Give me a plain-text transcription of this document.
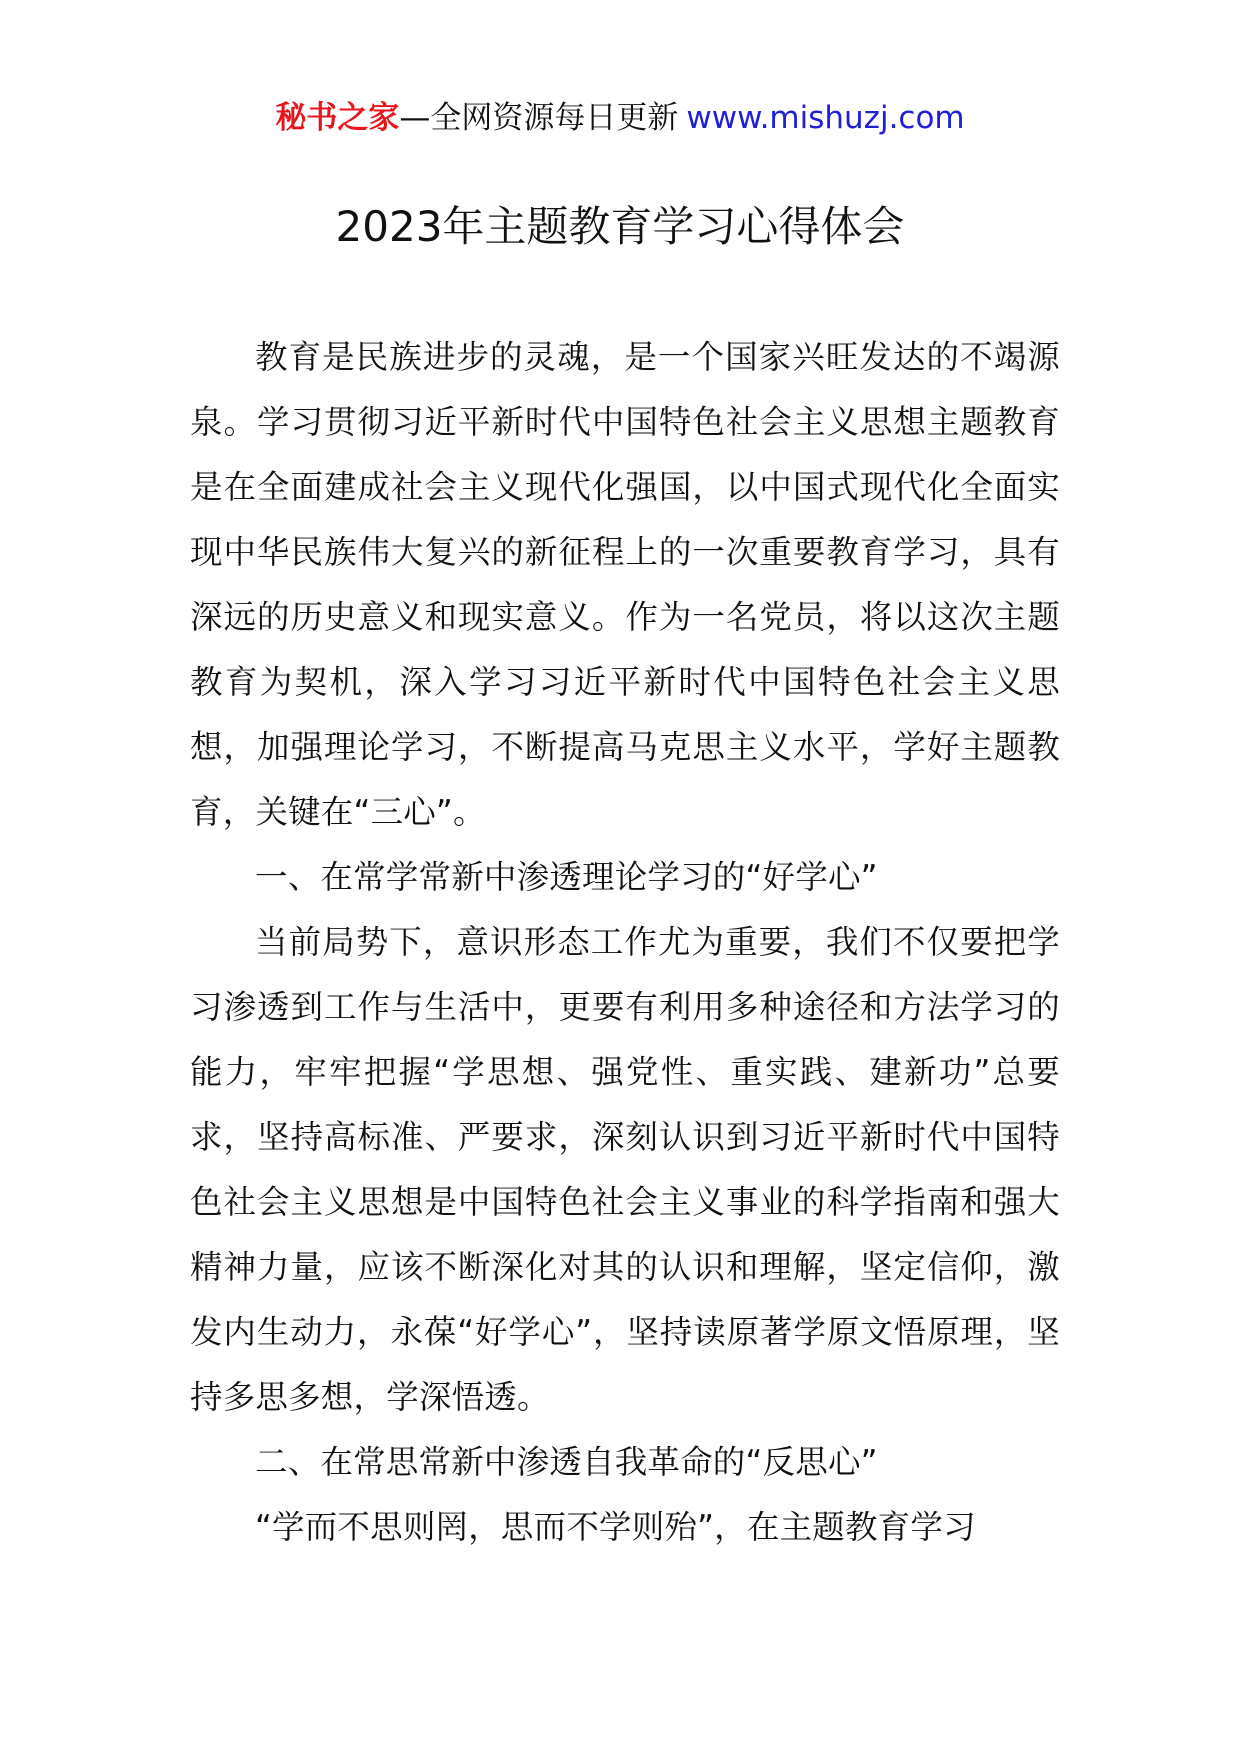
秘书之家—全网资源每日更新 www.mishuzj.com
2023年主题教育学习心得体会

教育是民族进步的灵魂，是一个国家兴旺发达的不竭源泉。学习贯彻习近平新时代中国特色社会主义思想主题教育是在全面建成社会主义现代化强国，以中国式现代化全面实现中华民族伟大复兴的新征程上的一次重要教育学习，具有深远的历史意义和现实意义。作为一名党员，将以这次主题教育为契机，深入学习习近平新时代中国特色社会主义思想，加强理论学习，不断提高马克思主义水平，学好主题教育，关键在“三心”。

一、在常学常新中渗透理论学习的“好学心”

当前局势下，意识形态工作尤为重要，我们不仅要把学习渗透到工作与生活中，更要有利用多种途径和方法学习的能力，牢牢把握“学思想、强党性、重实践、建新功”总要求，坚持高标准、严要求，深刻认识到习近平新时代中国特色社会主义思想是中国特色社会主义事业的科学指南和强大精神力量，应该不断深化对其的认识和理解，坚定信仰，激发内生动力，永葆“好学心”，坚持读原著学原文悟原理，坚持多思多想，学深悟透。

二、在常思常新中渗透自我革命的“反思心”

“学而不思则罔，思而不学则殆”，在主题教育学习
